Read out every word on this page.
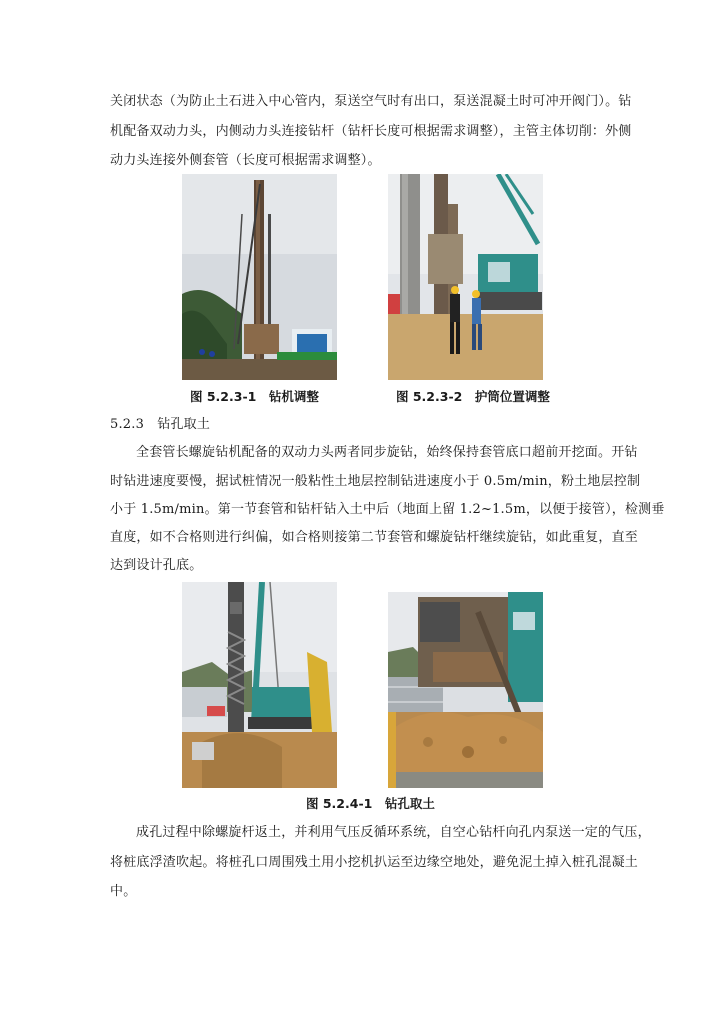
关闭状态（为防止土石进入中心管内，泵送空气时有出口，泵送混凝土时可冲开阀门）。钻
机配备双动力头，内侧动力头连接钻杆（钻杆长度可根据需求调整），主管主体切削：外侧
动力头连接外侧套管（长度可根据需求调整）。
图 5.2.3-1　钻机调整	图 5.2.3-2　护筒位置调整
5.2.3　钻孔取土
全套管长螺旋钻机配备的双动力头两者同步旋钻，始终保持套管底口超前开挖面。开钻
时钻进速度要慢，据试桩情况一般粘性土地层控制钻进速度小于 0.5m/min，粉土地层控制
小于 1.5m/min。第一节套管和钻杆钻入土中后（地面上留 1.2~1.5m，以便于接管），检测垂
直度，如不合格则进行纠偏，如合格则接第二节套管和螺旋钻杆继续旋钻，如此重复，直至
达到设计孔底。
图 5.2.4-1　钻孔取土
成孔过程中除螺旋杆返土，并利用气压反循环系统，自空心钻杆向孔内泵送一定的气压，
将桩底浮渣吹起。将桩孔口周围残土用小挖机扒运至边缘空地处，避免泥土掉入桩孔混凝土
中。
